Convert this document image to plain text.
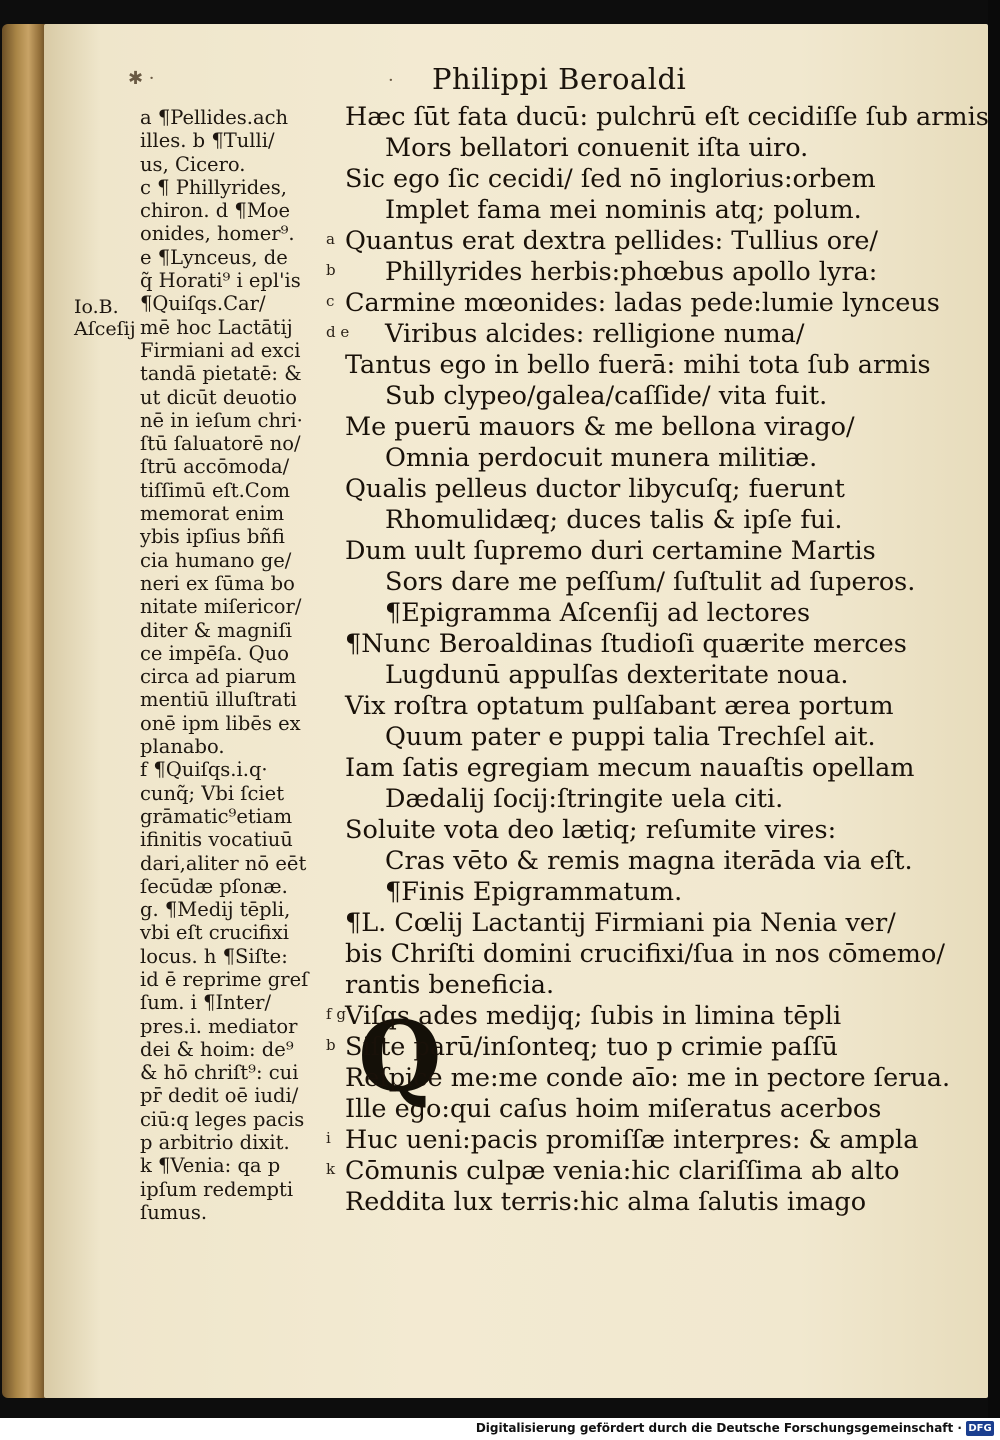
✱ ·	· Philippi Beroaldi
Io.B.
Aſceſij
a ¶Pellides.ach
illes. b ¶Tulli/
us, Cicero.
c ¶ Phillyrides,
chiron. d ¶Moe
onides, homer⁹.
e ¶Lynceus, de
q̃ Horati⁹ i epl'is
¶Quiſqs.Car/
mē hoc Lactātij
Firmiani ad exci
tandā pietatē: &
ut dicūt deuotio
nē in ieſum chri·
ſtū ſaluatorē no/
ſtrū accōmoda/
tiſſimū eſt.Com
memorat enim
ybis ipſius bñfi
cia humano ge/
neri ex ſūma bo
nitate miſericor/
diter & magniſi
ce impēſa. Quo
circa ad piarum
mentiū illuſtrati
onē ipm libēs ex
planabo.
f ¶Quiſqs.i.q·
cunq̃; Vbi ſciet
grāmatic⁹etiam
ifinitis vocatiuū
dari,aliter nō eēt
ſecūdæ pſonæ.
g. ¶Medij tēpli,
vbi eſt crucifixi
locus. h ¶Siſte:
id ē reprime greſ
ſum. i ¶Inter/
pres.i. mediator
dei & hoim: de⁹
& hō chriſt⁹: cui
pr̄ dedit oē iudi/
ciū:q leges pacis
p arbitrio dixit.
k ¶Venia: qa p
ipſum redempti
ſumus.
a
b
c
d e
f g
b
i
k
Q
Hæc ſūt fata ducū: pulchrū eſt cecidiſſe ſub armis
Mors bellatori conuenit iſta uiro.
Sic ego ſic cecidi/ ſed nō inglorius:orbem
Implet fama mei nominis atq; polum.
Quantus erat dextra pellides: Tullius ore/
Phillyrides herbis:phœbus apollo lyra:
Carmine mœonides: ladas pede:lumie lynceus
Viribus alcides: relligione numa/
Tantus ego in bello fuerā: mihi tota ſub armis
Sub clypeo/galea/caſſide/ vita fuit.
Me puerū mauors & me bellona virago/
Omnia perdocuit munera militiæ.
Qualis pelleus ductor libycuſq; fuerunt
Rhomulidæq; duces talis & ipſe fui.
Dum uult ſupremo duri certamine Martis
Sors dare me peſſum/ ſuſtulit ad ſuperos.
¶Epigramma Aſcenſij ad lectores
¶Nunc Beroaldinas ſtudioſi quærite merces
Lugdunū appulſas dexteritate noua.
Vix roſtra optatum pulſabant ærea portum
Quum pater e puppi talia Trechſel ait.
Iam ſatis egregiam mecum nauaſtis opellam
Dædalij ſocij:ſtringite uela citi.
Soluite vota deo lætiq; reſumite vires:
Cras vēto & remis magna iterāda via eſt.
¶Finis Epigrammatum.
¶L. Cœlij Lactantij Firmiani pia Nenia ver/
bis Chriſti domini crucifixi/ſua in nos cōmemo/
rantis beneficia.
Viſqs ades medijq; ſubis in limina tēpli
Siſte parū/inſonteq; tuo p crimie paſſū
Reſpice me:me conde aīo: me in pectore ſerua.
Ille ego:qui caſus hoim miſeratus acerbos
Huc ueni:pacis promiſſæ interpres: & ampla
Cōmunis culpæ venia:hic clariſſima ab alto
Reddita lux terris:hic alma ſalutis imago
Digitalisierung gefördert durch die Deutsche Forschungsgemeinschaft · DFG
